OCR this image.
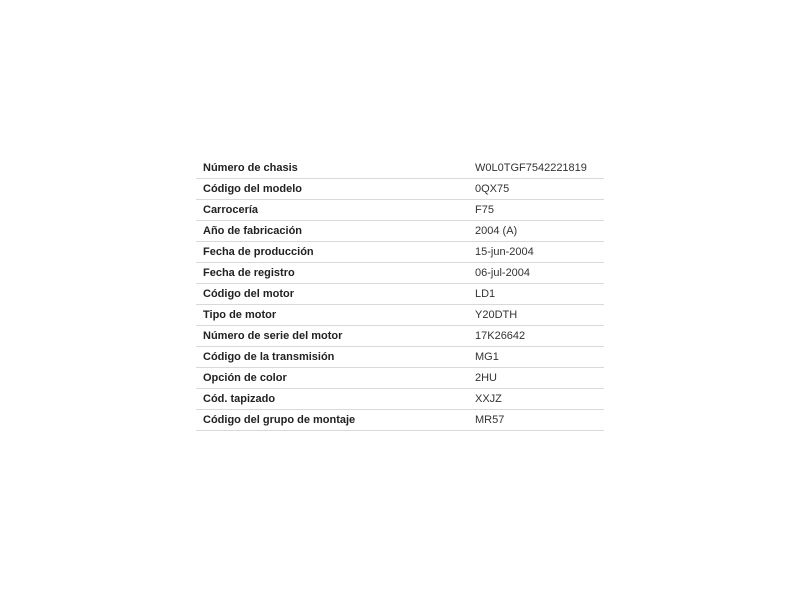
Número de chasis	W0L0TGF7542221819
Código del modelo	0QX75
Carrocería	F75
Año de fabricación	2004 (A)
Fecha de producción	15-jun-2004
Fecha de registro	06-jul-2004
Código del motor	LD1
Tipo de motor	Y20DTH
Número de serie del motor	17K26642
Código de la transmisión	MG1
Opción de color	2HU
Cód. tapizado	XXJZ
Código del grupo de montaje	MR57
